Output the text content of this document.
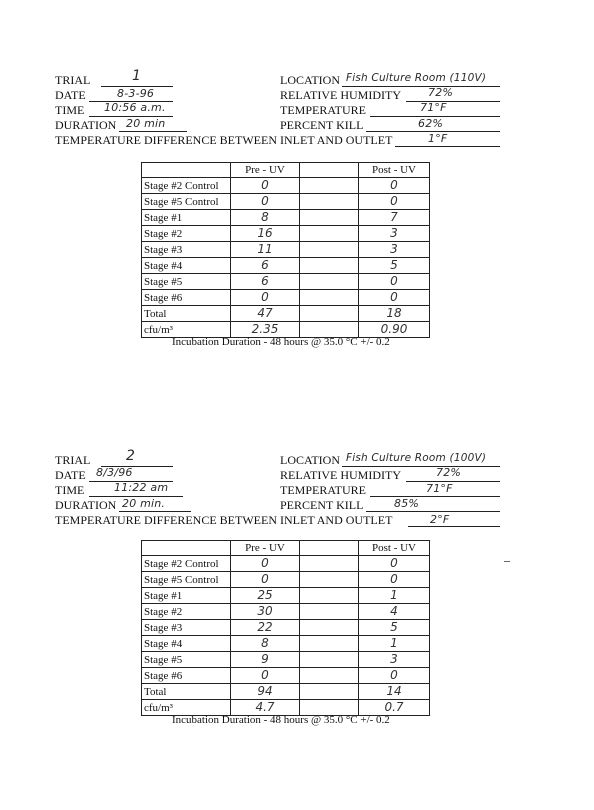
TRIAL	1
DATE	8-3-96
TIME 10:56 a.m.
DURATION 20 min
LOCATION Fish Culture Room (110V)
RELATIVE HUMIDITY 72%
TEMPERATURE	71°F
PERCENT KILL	62%
TEMPERATURE DIFFERENCE BETWEEN INLET AND OUTLET	1°F
	Pre - UV		Post - UV
Stage #2 Control	0		0
Stage #5 Control	0		0
Stage #1	8		7
Stage #2	16		3
Stage #3	11		3
Stage #4	6		5
Stage #5	6		0
Stage #6	0		0
Total	47		18
cfu/m³	2.35		0.90
Incubation Duration - 48 hours @ 35.0 °C +/- 0.2
TRIAL	2
DATE 8/3/96
TIME	11:22 am
DURATION 20 min.
LOCATION Fish Culture Room (100V)
RELATIVE HUMIDITY	72%
TEMPERATURE	71°F
PERCENT KILL	85%
TEMPERATURE DIFFERENCE BETWEEN INLET AND OUTLET	2°F
	Pre - UV		Post - UV
Stage #2 Control	0		0
Stage #5 Control	0		0
Stage #1	25		1
Stage #2	30		4
Stage #3	22		5
Stage #4	8		1
Stage #5	9		3
Stage #6	0		0
Total	94		14
cfu/m³	4.7		0.7
Incubation Duration - 48 hours @ 35.0 °C +/- 0.2
